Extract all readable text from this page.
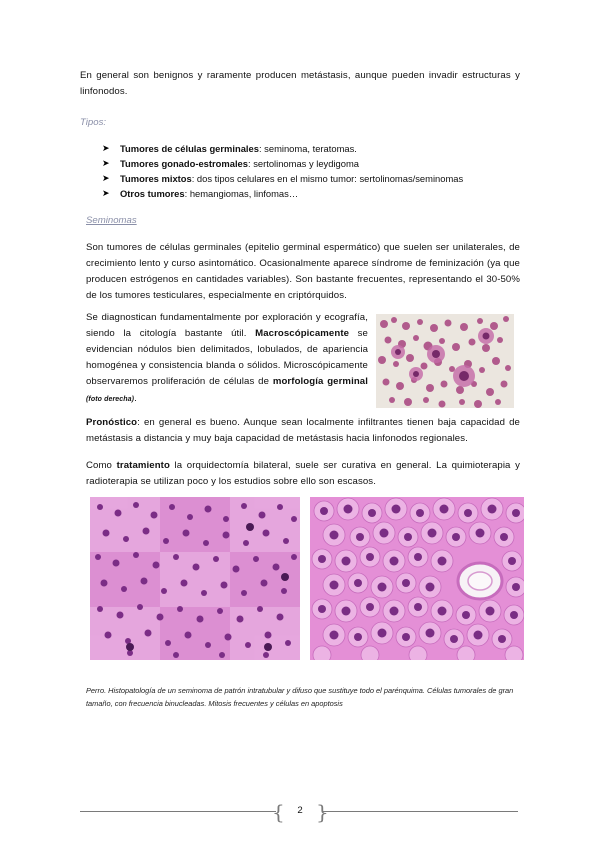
En general son benignos y raramente producen metástasis, aunque pueden invadir estructuras y linfonodos.

Tipos:

➤	Tumores de células germinales: seminoma, teratomas.
➤	Tumores gonado-estromales: sertolinomas y leydigoma
➤	Tumores mixtos: dos tipos celulares en el mismo tumor: sertolinomas/seminomas
➤	Otros tumores: hemangiomas, linfomas…

Seminomas

Son tumores de células germinales (epitelio germinal espermático) que suelen ser unilaterales, de crecimiento lento y curso asintomático. Ocasionalmente aparece síndrome de feminización (ya que producen estrógenos en cantidades variables). Son bastante frecuentes, representando el 30-50% de los tumores testiculares, especialmente en criptórquidos.

Se diagnostican fundamentalmente por exploración y ecografía, siendo la citología bastante útil. Macroscópicamente se evidencian nódulos bien delimitados, lobulados, de apariencia homogénea y consistencia blanda o sólidos. Microscópicamente observaremos proliferación de células de morfología germinal (foto derecha).

Pronóstico: en general es bueno. Aunque sean localmente infiltrantes tienen baja capacidad de metástasis a distancia y muy baja capacidad de metástasis hacia linfonodos regionales.

Como tratamiento la orquidectomía bilateral, suele ser curativa en general. La quimioterapia y radioterapia se utilizan poco y los estudios sobre ello son escasos.

Perro. Histopatología de un seminoma de patrón intratubular y difuso que sustituye todo el parénquima. Células tumorales de gran tamaño, con frecuencia binucleadas. Mitosis frecuentes y células en apoptosis

{ }
2
